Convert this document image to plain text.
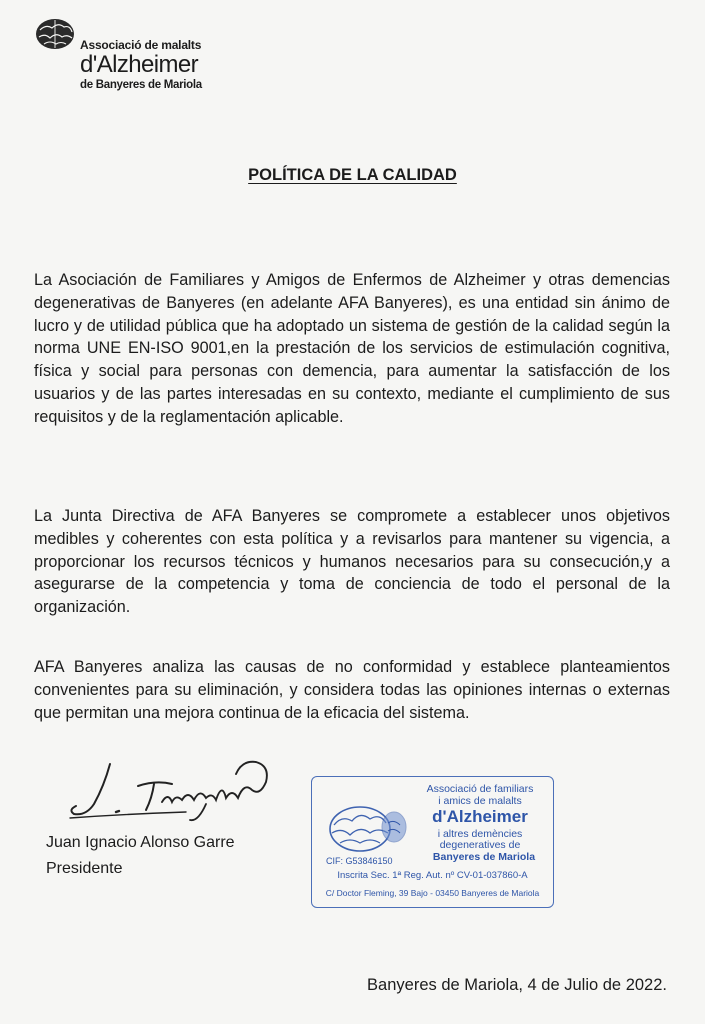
Associació de malalts
d'Alzheimer
de Banyeres de Mariola
POLÍTICA DE LA CALIDAD

La Asociación de Familiares y Amigos de Enfermos de Alzheimer y otras demencias degenerativas de Banyeres (en adelante AFA Banyeres), es una entidad sin ánimo de lucro y de utilidad pública que ha adoptado un sistema de gestión de la calidad según la norma UNE EN-ISO 9001,en la prestación de los servicios de estimulación cognitiva, física y social para personas con demencia, para aumentar la satisfacción de los usuarios y de las partes interesadas en su contexto, mediante el cumplimiento de sus requisitos y de la reglamentación aplicable.

La Junta Directiva de AFA Banyeres se compromete a establecer unos objetivos medibles y coherentes con esta política y a revisarlos para mantener su vigencia, a proporcionar los recursos técnicos y humanos necesarios para su consecución,y a asegurarse de la competencia y toma de conciencia de todo el personal de la organización.

AFA Banyeres analiza las causas de no conformidad y establece planteamientos convenientes para su eliminación, y considera todas las opiniones internas o externas que permitan una mejora continua de la eficacia del sistema.

Juan Ignacio Alonso Garre
Presidente
Associació de familiars
i amics de malalts
d'Alzheimer
i altres demències
degeneratives de
Banyeres de Mariola
CIF: G53846150
Inscrita Sec. 1ª Reg. Aut. nº CV-01-037860-A
C/ Doctor Fleming, 39 Bajo - 03450 Banyeres de Mariola
Banyeres de Mariola, 4 de Julio de 2022.
